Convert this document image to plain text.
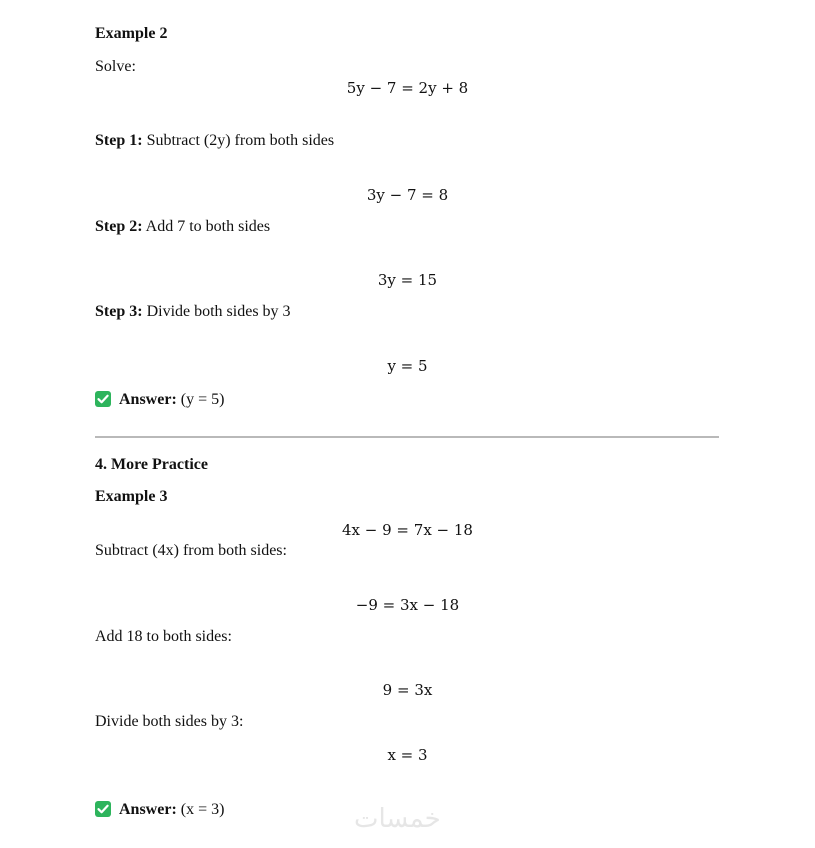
Example 2
Solve:
5y − 7 = 2y + 8
Step 1: Subtract (2y) from both sides
3y − 7 = 8
Step 2: Add 7 to both sides
3y = 15
Step 3: Divide both sides by 3
y = 5
Answer: (y = 5)
4. More Practice
Example 3
4x − 9 = 7x − 18
Subtract (4x) from both sides:
−9 = 3x − 18
Add 18 to both sides:
9 = 3x
Divide both sides by 3:
x = 3
Answer: (x = 3)	خمسات
